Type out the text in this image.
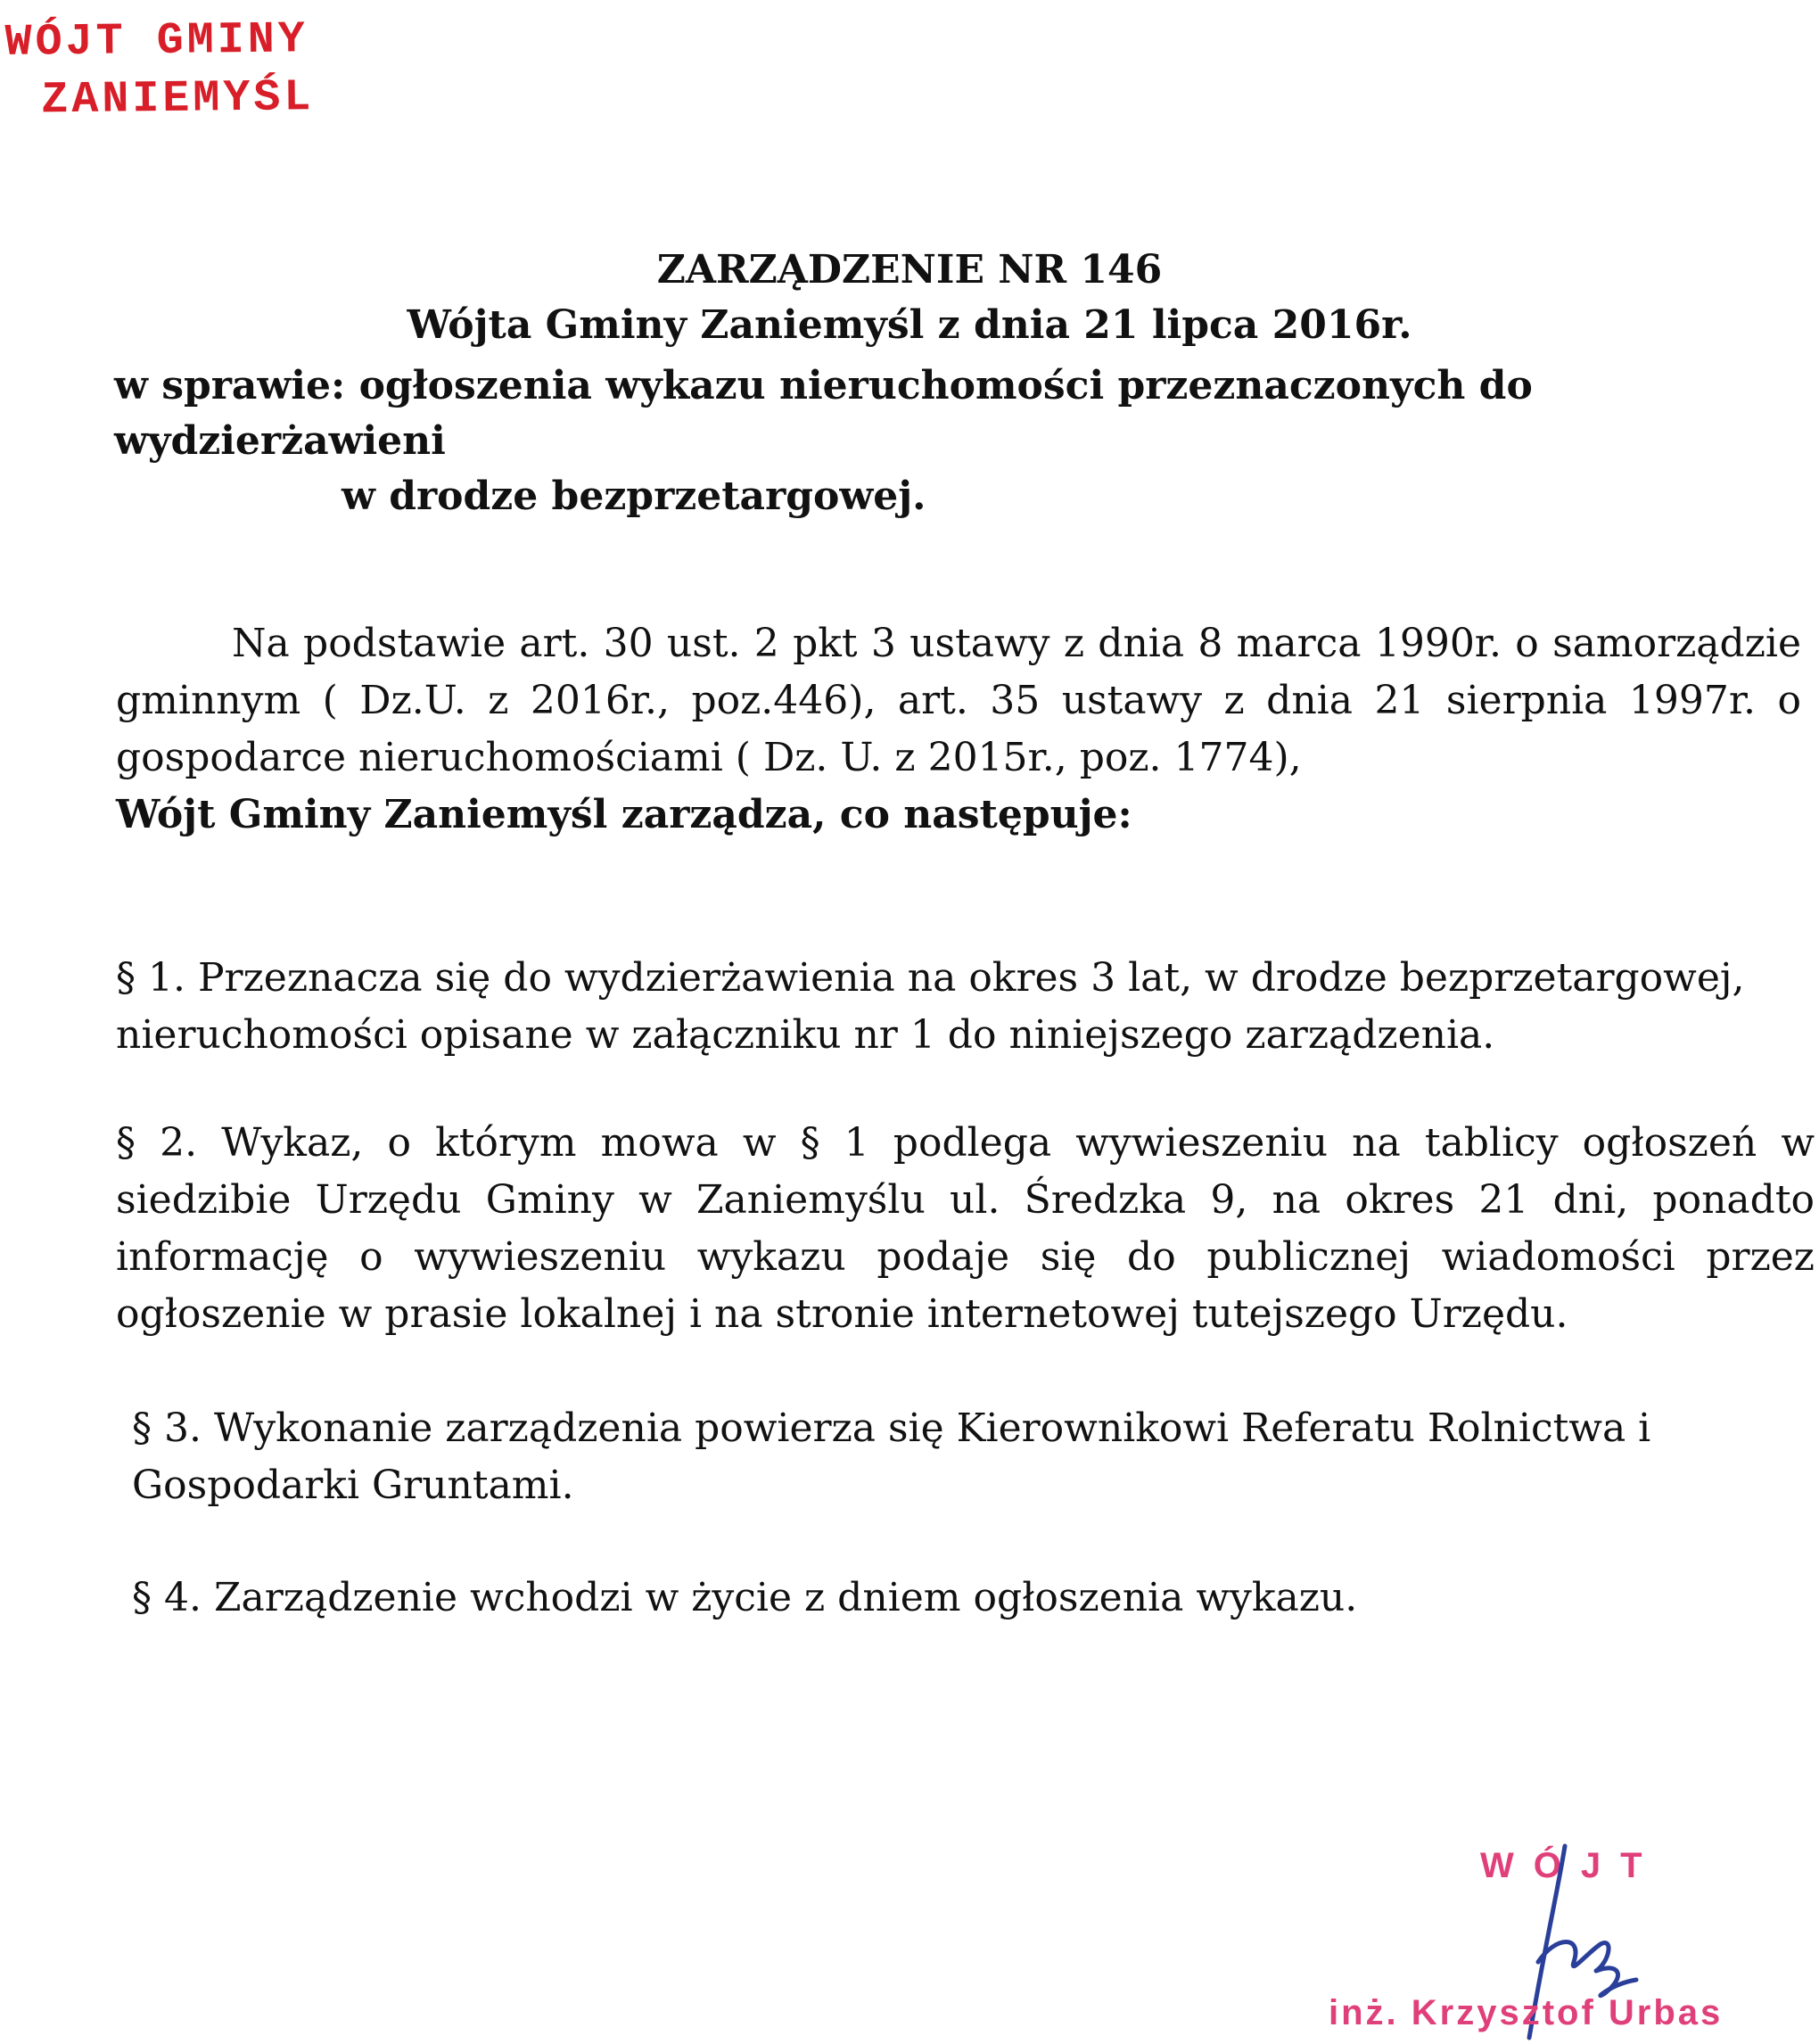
WÓJT GMINY
ZANIEMYŚL
ZARZĄDZENIE NR 146
Wójta Gminy Zaniemyśl z dnia 21 lipca 2016r.
w sprawie: ogłoszenia wykazu nieruchomości przeznaczonych do wydzierżawieni
w drodze bezprzetargowej.
Na podstawie art. 30 ust. 2 pkt 3 ustawy z dnia 8 marca 1990r. o samorządzie gminnym ( Dz.U. z 2016r., poz.446), art. 35 ustawy z dnia 21 sierpnia 1997r. o gospodarce nieruchomościami ( Dz. U. z 2015r., poz. 1774),
Wójt Gminy Zaniemyśl zarządza, co następuje:
§ 1. Przeznacza się do wydzierżawienia na okres 3 lat, w drodze bezprzetargowej, nieruchomości opisane w załączniku nr 1 do niniejszego zarządzenia.
§ 2. Wykaz, o którym mowa w § 1 podlega wywieszeniu na tablicy ogłoszeń w siedzibie Urzędu Gminy w Zaniemyślu ul. Średzka 9, na okres 21 dni, ponadto informację o wywieszeniu wykazu podaje się do publicznej wiadomości przez ogłoszenie w prasie lokalnej i na stronie internetowej tutejszego Urzędu.
§ 3. Wykonanie zarządzenia powierza się Kierownikowi Referatu Rolnictwa i Gospodarki Gruntami.
§ 4. Zarządzenie wchodzi w życie z dniem ogłoszenia wykazu.
WÓJT
inż. Krzysztof Urbas
